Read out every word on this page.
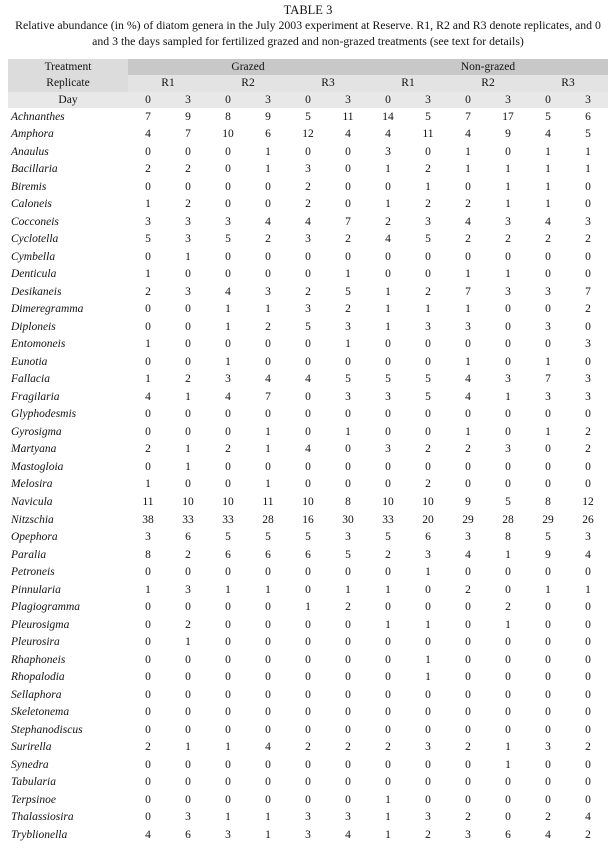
TABLE 3
Relative abundance (in %) of diatom genera in the July 2003 experiment at Reserve. R1, R2 and R3 denote replicates, and 0 and 3 the days sampled for fertilized grazed and non-grazed treatments (see text for details)
Treatment	Grazed						Non-grazed					
Replicate	R1		R2		R3		R1		R2		R3	
Day	0	3	0	3	0	3	0	3	0	3	0	3
Achnanthes	7	9	8	9	5	11	14	5	7	17	5	6
Amphora	4	7	10	6	12	4	4	11	4	9	4	5
Anaulus	0	0	0	1	0	0	3	0	1	0	1	1
Bacillaria	2	2	0	1	3	0	1	2	1	1	1	1
Biremis	0	0	0	0	2	0	0	1	0	1	1	0
Caloneis	1	2	0	0	2	0	1	2	2	1	1	0
Cocconeis	3	3	3	4	4	7	2	3	4	3	4	3
Cyclotella	5	3	5	2	3	2	4	5	2	2	2	2
Cymbella	0	1	0	0	0	0	0	0	0	0	0	0
Denticula	1	0	0	0	0	1	0	0	1	1	0	0
Desikaneis	2	3	4	3	2	5	1	2	7	3	3	7
Dimeregramma	0	0	1	1	3	2	1	1	1	0	0	2
Diploneis	0	0	1	2	5	3	1	3	3	0	3	0
Entomoneis	1	0	0	0	0	1	0	0	0	0	0	3
Eunotia	0	0	1	0	0	0	0	0	1	0	1	0
Fallacia	1	2	3	4	4	5	5	5	4	3	7	3
Fragilaria	4	1	4	7	0	3	3	5	4	1	3	3
Glyphodesmis	0	0	0	0	0	0	0	0	0	0	0	0
Gyrosigma	0	0	0	1	0	1	0	0	1	0	1	2
Martyana	2	1	2	1	4	0	3	2	2	3	0	2
Mastogloia	0	1	0	0	0	0	0	0	0	0	0	0
Melosira	1	0	0	1	0	0	0	2	0	0	0	0
Navicula	11	10	10	11	10	8	10	10	9	5	8	12
Nitzschia	38	33	33	28	16	30	33	20	29	28	29	26
Opephora	3	6	5	5	5	3	5	6	3	8	5	3
Paralia	8	2	6	6	6	5	2	3	4	1	9	4
Petroneis	0	0	0	0	0	0	0	1	0	0	0	0
Pinnularia	1	3	1	1	0	1	1	0	2	0	1	1
Plagiogramma	0	0	0	0	1	2	0	0	0	2	0	0
Pleurosigma	0	2	0	0	0	0	1	1	0	1	0	0
Pleurosira	0	1	0	0	0	0	0	0	0	0	0	0
Rhaphoneis	0	0	0	0	0	0	0	1	0	0	0	0
Rhopalodia	0	0	0	0	0	0	0	1	0	0	0	0
Sellaphora	0	0	0	0	0	0	0	0	0	0	0	0
Skeletonema	0	0	0	0	0	0	0	0	0	0	0	0
Stephanodiscus	0	0	0	0	0	0	0	0	0	0	0	0
Surirella	2	1	1	4	2	2	2	3	2	1	3	2
Synedra	0	0	0	0	0	0	0	0	0	1	0	0
Tabularia	0	0	0	0	0	0	0	0	0	0	0	0
Terpsinoe	0	0	0	0	0	0	1	0	0	0	0	0
Thalassiosira	0	3	1	1	3	3	1	3	2	0	2	4
Tryblionella	4	6	3	1	3	4	1	2	3	6	4	2
